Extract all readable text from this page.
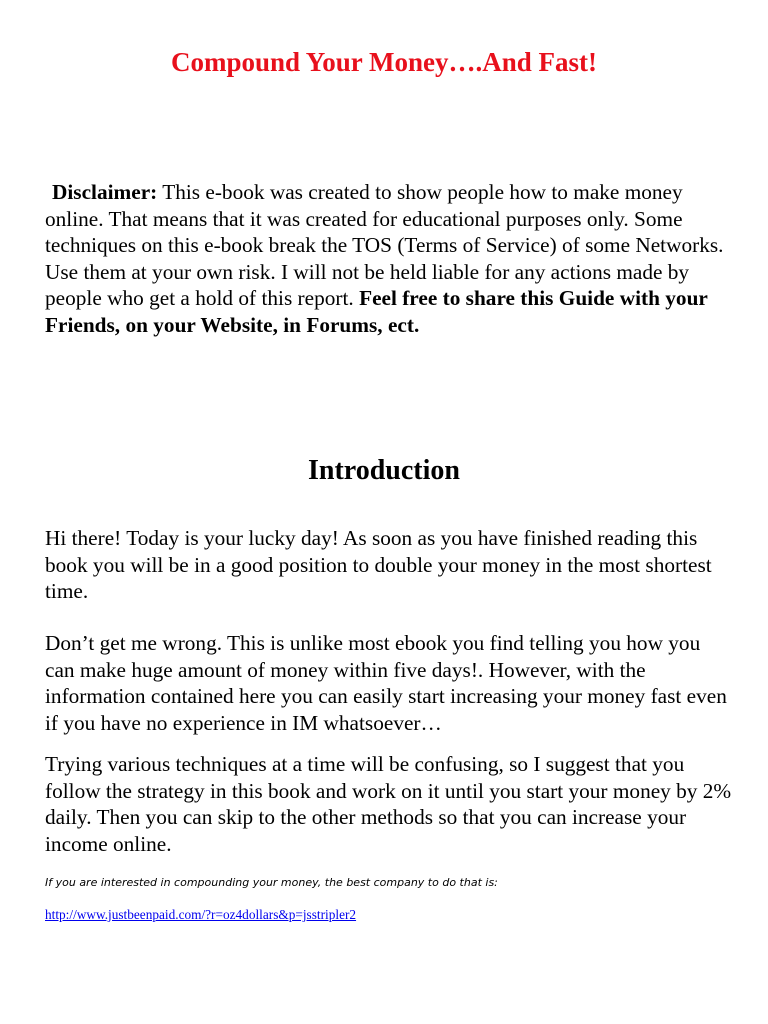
Compound Your Money….And Fast!

Disclaimer: This e-book was created to show people how to make money online. That means that it was created for educational purposes only. Some techniques on this e-book break the TOS (Terms of Service) of some Networks. Use them at your own risk. I will not be held liable for any actions made by people who get a hold of this report. Feel free to share this Guide with your Friends, on your Website, in Forums, ect.

Introduction

Hi there! Today is your lucky day! As soon as you have finished reading this book you will be in a good position to double your money in the most shortest time.

Don’t get me wrong. This is unlike most ebook you find telling you how you can make huge amount of money within five days!. However, with the information contained here you can easily start increasing your money fast even if you have no experience in IM whatsoever…

Trying various techniques at a time will be confusing, so I suggest that you follow the strategy in this book and work on it until you start your money by 2% daily. Then you can skip to the other methods so that you can increase your income online.

If you are interested in compounding your money, the best company to do that is:

http://www.justbeenpaid.com/?r=oz4dollars&p=jsstripler2
